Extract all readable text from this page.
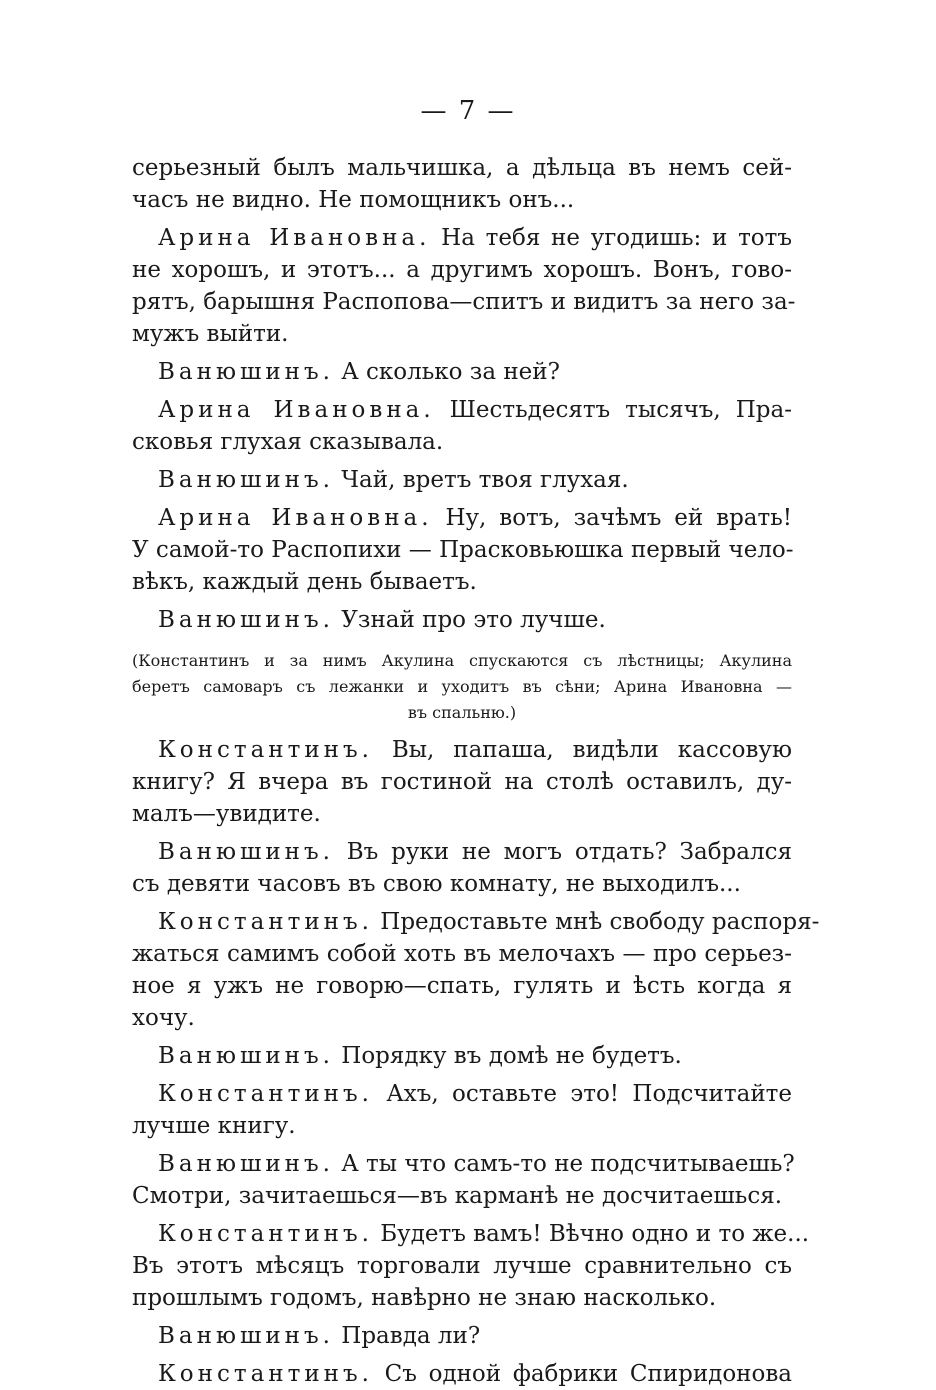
— 7 —
серьезный былъ мальчишка, а дѣльца въ немъ сей-
часъ не видно. Не помощникъ онъ...
Арина Ивановна. На тебя не угодишь: и тотъ
не хорошъ, и этотъ... а другимъ хорошъ. Вонъ, гово-
рятъ, барышня Распопова—спитъ и видитъ за него за-
мужъ выйти.
Ванюшинъ. А сколько за ней?
Арина Ивановна. Шестьдесятъ тысячъ, Пра-
сковья глухая сказывала.
Ванюшинъ. Чай, вретъ твоя глухая.
Арина Ивановна. Ну, вотъ, зачѣмъ ей врать!
У самой-то Распопихи — Прасковьюшка первый чело-
вѣкъ, каждый день бываетъ.
Ванюшинъ. Узнай про это лучше.
(Константинъ и за нимъ Акулина спускаются съ лѣстницы; Акулина
беретъ самоваръ съ лежанки и уходитъ въ сѣни; Арина Ивановна —
въ спальню.)
Константинъ. Вы, папаша, видѣли кассовую
книгу? Я вчера въ гостиной на столѣ оставилъ, ду-
малъ—увидите.
Ванюшинъ. Въ руки не могъ отдать? Забрался
съ девяти часовъ въ свою комнату, не выходилъ...
Константинъ. Предоставьте мнѣ свободу распоря-
жаться самимъ собой хоть въ мелочахъ — про серьез-
ное я ужъ не говорю—спать, гулять и ѣсть когда я
хочу.
Ванюшинъ. Порядку въ домѣ не будетъ.
Константинъ. Ахъ, оставьте это! Подсчитайте
лучше книгу.
Ванюшинъ. А ты что самъ-то не подсчитываешь?
Смотри, зачитаешься—въ карманѣ не досчитаешься.
Константинъ. Будетъ вамъ! Вѣчно одно и то же...
Въ этотъ мѣсяцъ торговали лучше сравнительно съ
прошлымъ годомъ, навѣрно не знаю насколько.
Ванюшинъ. Правда ли?
Константинъ. Съ одной фабрики Спиридонова
